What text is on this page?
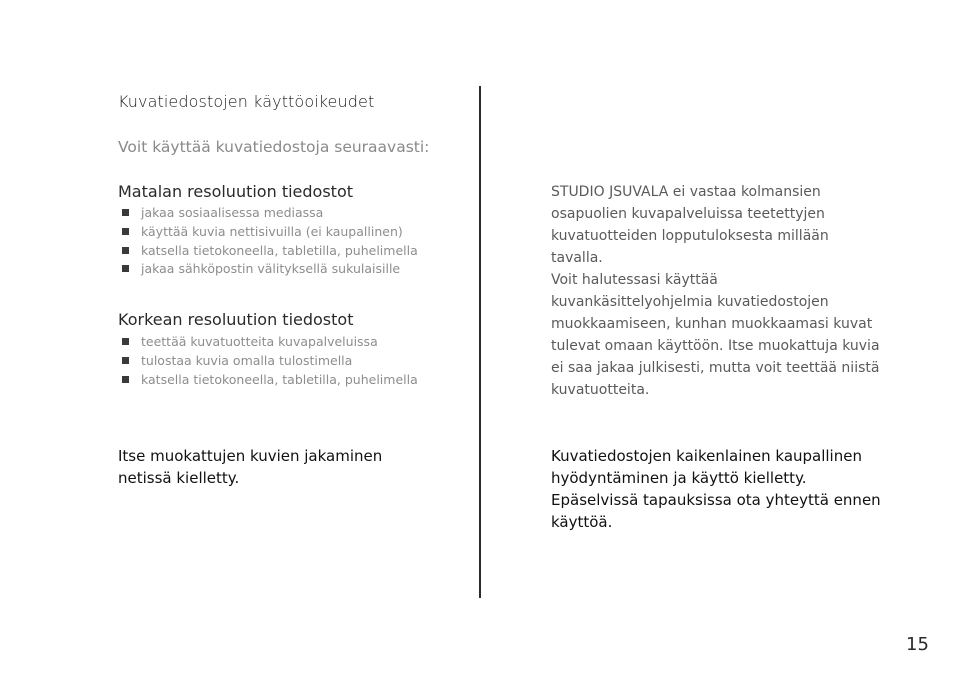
Kuvatiedostojen käyttöoikeudet
Voit käyttää kuvatiedostoja seuraavasti:
Matalan resoluution tiedostot
jakaa sosiaalisessa mediassa
käyttää kuvia nettisivuilla (ei kaupallinen)
katsella tietokoneella, tabletilla, puhelimella
jakaa sähköpostin välityksellä sukulaisille
Korkean resoluution tiedostot
teettää kuvatuotteita kuvapalveluissa
tulostaa kuvia omalla tulostimella
katsella tietokoneella, tabletilla, puhelimella
STUDIO JSUVALA ei vastaa kolmansien osapuolien kuvapalveluissa teetettyjen kuvatuotteiden lopputuloksesta millään tavalla.
Voit halutessasi käyttää kuvankäsittelyohjelmia kuvatiedostojen muokkaamiseen, kunhan muokkaamasi kuvat tulevat omaan käyttöön. Itse muokattuja kuvia ei saa jakaa julkisesti, mutta voit teettää niistä kuvatuotteita.
Itse muokattujen kuvien jakaminen netissä kielletty.
Kuvatiedostojen kaikenlainen kaupallinen hyödyntäminen ja käyttö kielletty. Epäselvissä tapauksissa ota yhteyttä ennen käyttöä.
15
